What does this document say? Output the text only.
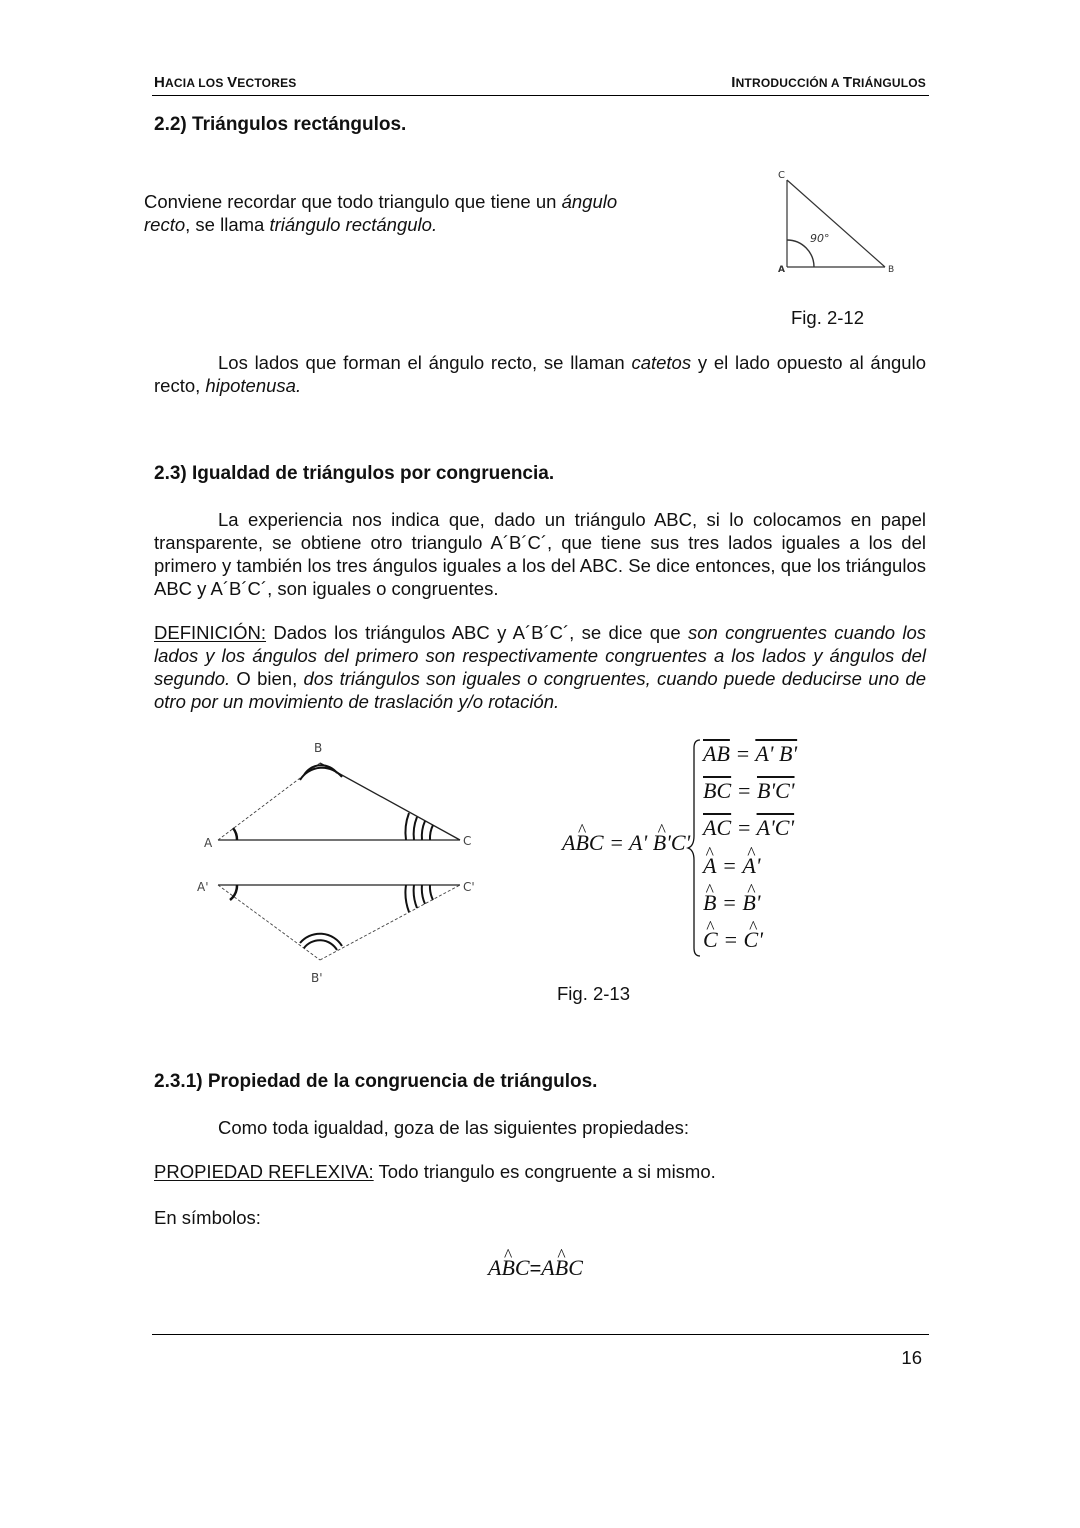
HACIA LOS VECTORES	INTRODUCCIÓN A TRIÁNGULOS
2.2) Triángulos rectángulos.
Conviene recordar que todo triangulo que tiene un ángulo
recto, se llama triángulo rectángulo.
C
A	B
90°
Fig. 2-12
Los lados que forman el ángulo recto, se llaman catetos y el lado opuesto al ángulo recto, hipotenusa.
2.3) Igualdad de triángulos por congruencia.
La experiencia nos indica que, dado un triángulo ABC, si lo colocamos en papel transparente, se obtiene otro triangulo A´B´C´, que tiene sus tres lados iguales a los del primero y también los tres ángulos iguales a los del ABC. Se dice entonces, que los triángulos ABC y A´B´C´, son iguales o congruentes.
DEFINICIÓN: Dados los triángulos ABC y A´B´C´, se dice que son congruentes cuando los lados y los ángulos del primero son respectivamente congruentes a los lados y ángulos del segundo. O bien, dos triángulos son iguales o congruentes, cuando puede deducirse uno de otro por un movimiento de traslación y/o rotación.
B
A	C
A'	C'
B'
A^ BC = A' ^ B'C'
$\overline{AB} = A'$ B'
$\overline{BC} = B'C'$
$\overline{AC} = A'C'$
^ A = ^ A'
^ B = ^ B'
^ C = ^ C'
Fig. 2-13
2.3.1) Propiedad de la congruencia de triángulos.
Como toda igualdad, goza de las siguientes propiedades:
PROPIEDAD REFLEXIVA: Todo triangulo es congruente a si mismo.
En símbolos:
A^ BC=A^ BC
16
